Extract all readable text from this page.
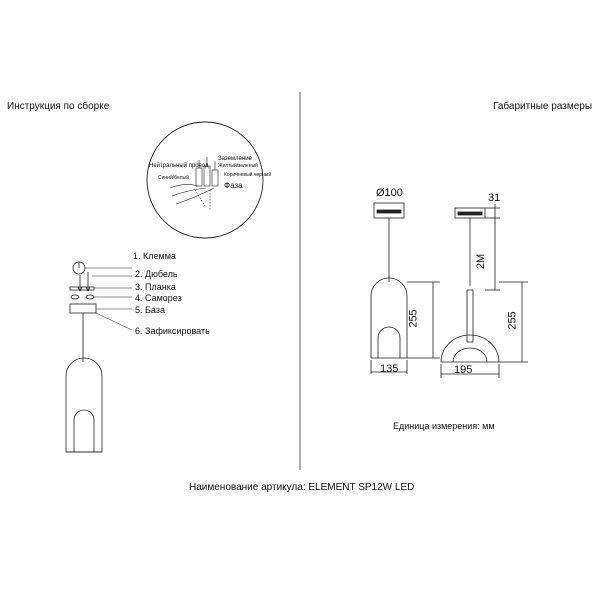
Инструкция по сборке	Габаритные размеры
Нейтральный провод
Синий/белый
Заземление
Желтый/зеленый
Коричневый черный
Фаза
1. Клемма
2. Дюбель
3. Планка
4. Саморез
5. База
6. Зафиксировать
Ø100	31
2M
255	255
135	195
Единица измерения: мм
Наименование артикула: ELEMENT SP12W LED
